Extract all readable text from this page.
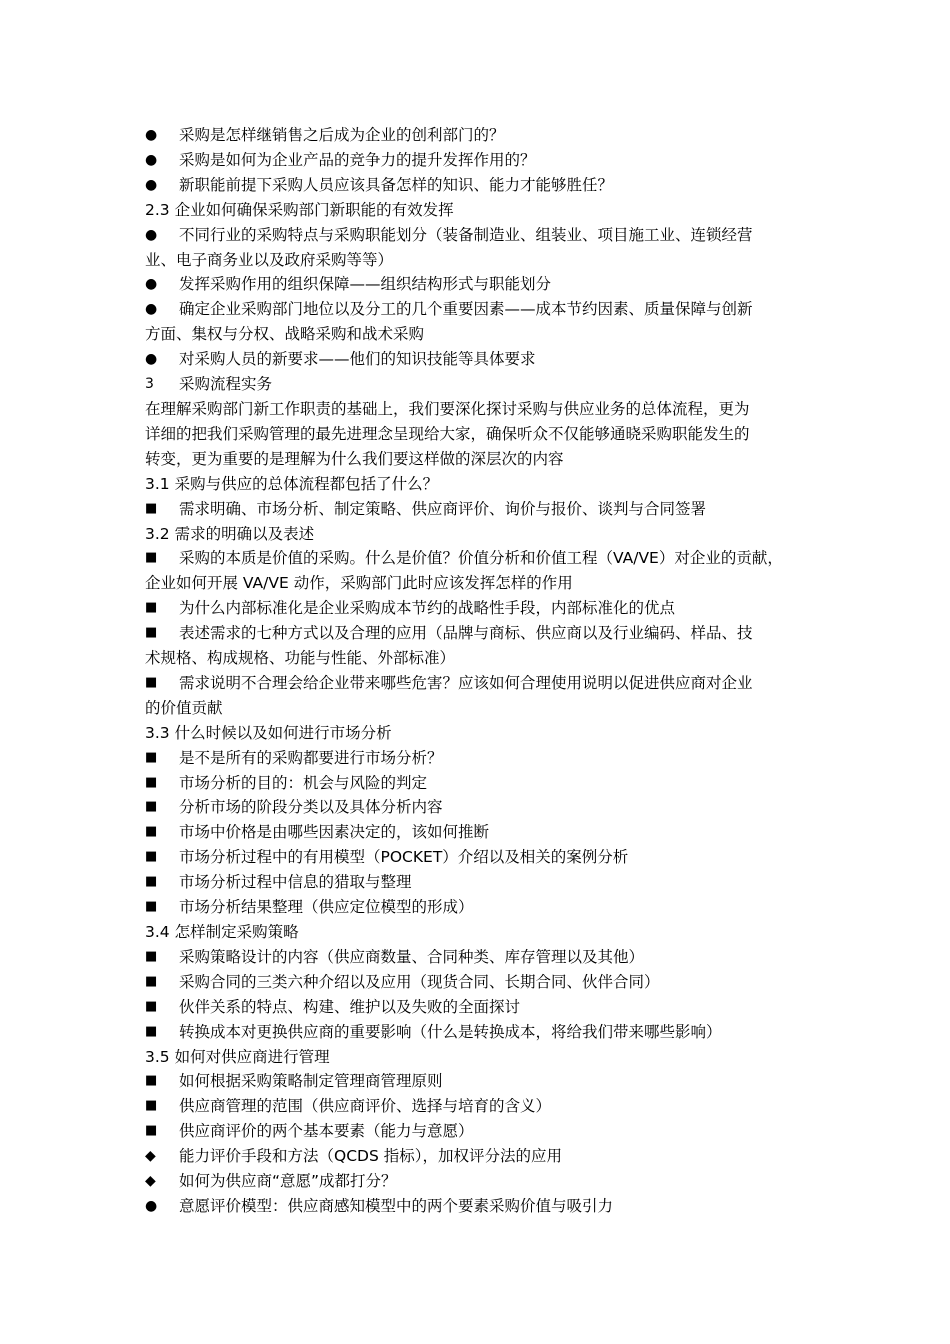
●	采购是怎样继销售之后成为企业的创利部门的？
●	采购是如何为企业产品的竞争力的提升发挥作用的？
●	新职能前提下采购人员应该具备怎样的知识、能力才能够胜任？
2.3 企业如何确保采购部门新职能的有效发挥
●	不同行业的采购特点与采购职能划分（装备制造业、组装业、项目施工业、连锁经营
业、电子商务业以及政府采购等等）
●	发挥采购作用的组织保障——组织结构形式与职能划分
●	确定企业采购部门地位以及分工的几个重要因素——成本节约因素、质量保障与创新
方面、集权与分权、战略采购和战术采购
●	对采购人员的新要求——他们的知识技能等具体要求
3	采购流程实务
在理解采购部门新工作职责的基础上，我们要深化探讨采购与供应业务的总体流程，更为
详细的把我们采购管理的最先进理念呈现给大家，确保听众不仅能够通晓采购职能发生的
转变，更为重要的是理解为什么我们要这样做的深层次的内容
3.1 采购与供应的总体流程都包括了什么？
■	需求明确、市场分析、制定策略、供应商评价、询价与报价、谈判与合同签署
3.2 需求的明确以及表述
■	采购的本质是价值的采购。什么是价值？价值分析和价值工程（VA/VE）对企业的贡献，
企业如何开展 VA/VE 动作，采购部门此时应该发挥怎样的作用
■	为什么内部标准化是企业采购成本节约的战略性手段，内部标准化的优点
■	表述需求的七种方式以及合理的应用（品牌与商标、供应商以及行业编码、样品、技
术规格、构成规格、功能与性能、外部标准）
■	需求说明不合理会给企业带来哪些危害？应该如何合理使用说明以促进供应商对企业
的价值贡献
3.3 什么时候以及如何进行市场分析
■	是不是所有的采购都要进行市场分析？
■	市场分析的目的：机会与风险的判定
■	分析市场的阶段分类以及具体分析内容
■	市场中价格是由哪些因素决定的，该如何推断
■	市场分析过程中的有用模型（POCKET）介绍以及相关的案例分析
■	市场分析过程中信息的猎取与整理
■	市场分析结果整理（供应定位模型的形成）
3.4 怎样制定采购策略
■	采购策略设计的内容（供应商数量、合同种类、库存管理以及其他）
■	采购合同的三类六种介绍以及应用（现货合同、长期合同、伙伴合同）
■	伙伴关系的特点、构建、维护以及失败的全面探讨
■	转换成本对更换供应商的重要影响（什么是转换成本，将给我们带来哪些影响）
3.5 如何对供应商进行管理
■	如何根据采购策略制定管理商管理原则
■	供应商管理的范围（供应商评价、选择与培育的含义）
■	供应商评价的两个基本要素（能力与意愿）
◆	能力评价手段和方法（QCDS 指标），加权评分法的应用
◆	如何为供应商“意愿”成都打分？
●	意愿评价模型：供应商感知模型中的两个要素采购价值与吸引力
